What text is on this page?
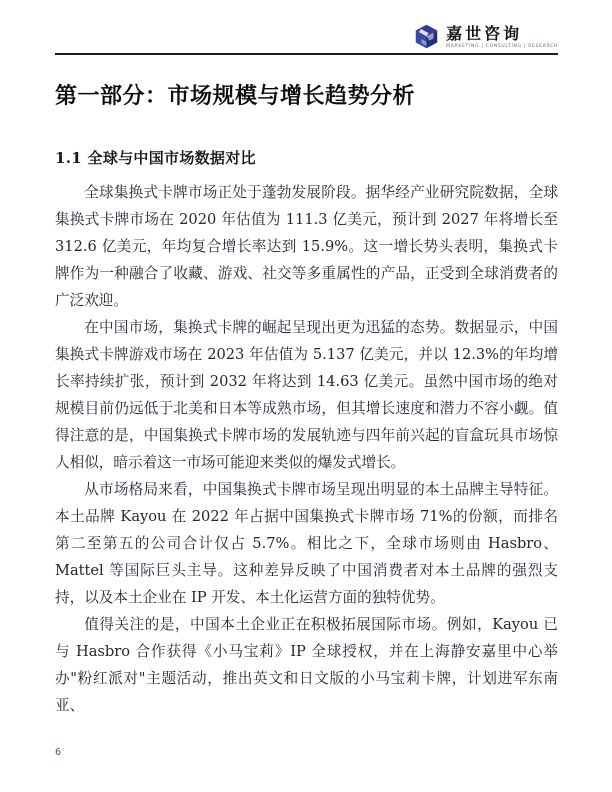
嘉世咨询
MARKETING | CONSULTING | RESEARCH
第一部分：市场规模与增长趋势分析
1.1 全球与中国市场数据对比

全球集换式卡牌市场正处于蓬勃发展阶段。据华经产业研究院数据，全球集换式卡牌市场在 2020 年估值为 111.3 亿美元，预计到 2027 年将增长至 312.6 亿美元，年均复合增长率达到 15.9%。这一增长势头表明，集换式卡牌作为一种融合了收藏、游戏、社交等多重属性的产品，正受到全球消费者的广泛欢迎。

在中国市场，集换式卡牌的崛起呈现出更为迅猛的态势。数据显示，中国集换式卡牌游戏市场在 2023 年估值为 5.137 亿美元，并以 12.3%的年均增长率持续扩张，预计到 2032 年将达到 14.63 亿美元。虽然中国市场的绝对规模目前仍远低于北美和日本等成熟市场，但其增长速度和潜力不容小觑。值得注意的是，中国集换式卡牌市场的发展轨迹与四年前兴起的盲盒玩具市场惊人相似，暗示着这一市场可能迎来类似的爆发式增长。

从市场格局来看，中国集换式卡牌市场呈现出明显的本土品牌主导特征。本土品牌 Kayou 在 2022 年占据中国集换式卡牌市场 71%的份额，而排名第二至第五的公司合计仅占 5.7%。相比之下，全球市场则由 Hasbro、Mattel 等国际巨头主导。这种差异反映了中国消费者对本土品牌的强烈支持，以及本土企业在 IP 开发、本土化运营方面的独特优势。

值得关注的是，中国本土企业正在积极拓展国际市场。例如，Kayou 已与 Hasbro 合作获得《小马宝莉》IP 全球授权，并在上海静安嘉里中心举办"粉红派对"主题活动，推出英文和日文版的小马宝莉卡牌，计划进军东南亚、

6
